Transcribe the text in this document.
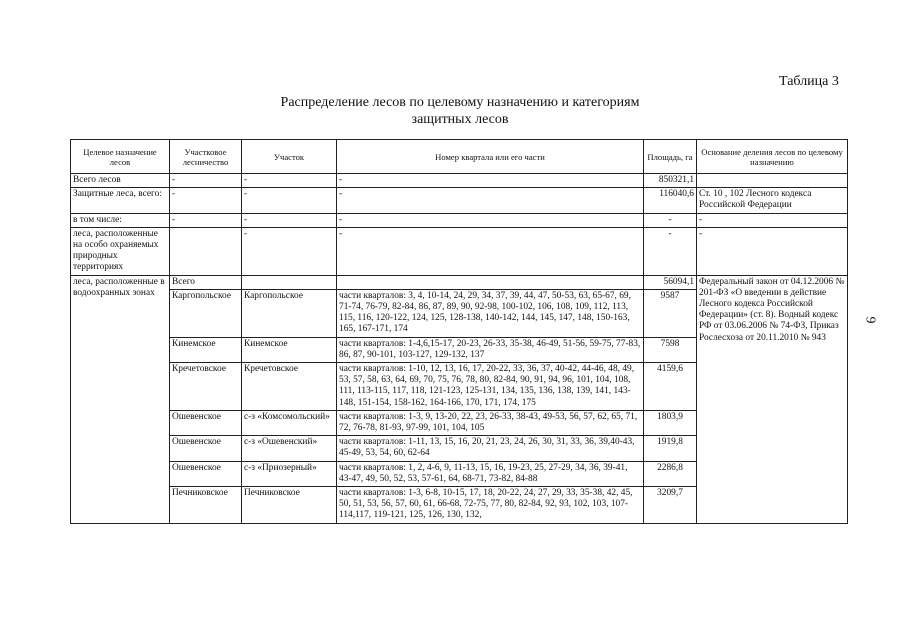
Таблица 3
Распределение лесов по целевому назначению и категориям
защитных лесов
9
Целевое назначение лесов	Участковое лесничество	Участок	Номер квартала или его части	Площадь, га	Основание деления лесов по целевому назначению
Всего лесов	-	-	-	850321,1	
Защитные леса, всего:	-	-	-	116040,6	Ст. 10 , 102 Лесного кодекса Российской Федерации
в том числе:	-	-	-	-	-
леса, расположенные на особо охраняемых природных территориях		-	-	-	-
леса, расположенные в водоохранных зонах	Всего			56094,1	Федеральный закон от 04.12.2006 № 201-ФЗ «О введении в действие Лесного кодекса Российской Федерации» (ст. 8). Водный кодекс РФ от 03.06.2006 № 74-ФЗ, Приказ Рослесхоза от 20.11.2010 № 943
	Каргопольское	Каргопольское	части кварталов: 3, 4, 10-14, 24, 29, 34, 37, 39, 44, 47, 50-53, 63, 65-67, 69, 71-74, 76-79, 82-84, 86, 87, 89, 90, 92-98, 100-102, 106, 108, 109, 112, 113, 115, 116, 120-122, 124, 125, 128-138, 140-142, 144, 145, 147, 148, 150-163, 165, 167-171, 174	9587	
	Кинемское	Кинемское	части кварталов: 1-4,6,15-17, 20-23, 26-33, 35-38, 46-49, 51-56, 59-75, 77-83, 86, 87, 90-101, 103-127, 129-132, 137	7598	
	Кречетовское	Кречетовское	части кварталов: 1-10, 12, 13, 16, 17, 20-22, 33, 36, 37, 40-42, 44-46, 48, 49, 53, 57, 58, 63, 64, 69, 70, 75, 76, 78, 80, 82-84, 90, 91, 94, 96, 101, 104, 108, 111, 113-115, 117, 118, 121-123, 125-131, 134, 135, 136, 138, 139, 141, 143-148, 151-154, 158-162, 164-166, 170, 171, 174, 175	4159,6	
	Ошевенское	с-з «Комсомольский»	части кварталов: 1-3, 9, 13-20, 22, 23, 26-33, 38-43, 49-53, 56, 57, 62, 65, 71, 72, 76-78, 81-93, 97-99, 101, 104, 105	1803,9	
	Ошевенское	с-з «Ошевенский»	части кварталов: 1-11, 13, 15, 16, 20, 21, 23, 24, 26, 30, 31, 33, 36, 39,40-43, 45-49, 53, 54, 60, 62-64	1919,8	
	Ошевенское	с-з «Приозерный»	части кварталов: 1, 2, 4-6, 9, 11-13, 15, 16, 19-23, 25, 27-29, 34, 36, 39-41, 43-47, 49, 50, 52, 53, 57-61, 64, 68-71, 73-82, 84-88	2286,8	
	Печниковское	Печниковское	части кварталов: 1-3, 6-8, 10-15, 17, 18, 20-22, 24, 27, 29, 33, 35-38, 42, 45, 50, 51, 53, 56, 57, 60, 61, 66-68, 72-75, 77, 80, 82-84, 92, 93, 102, 103, 107-114,117, 119-121, 125, 126, 130, 132,	3209,7	
